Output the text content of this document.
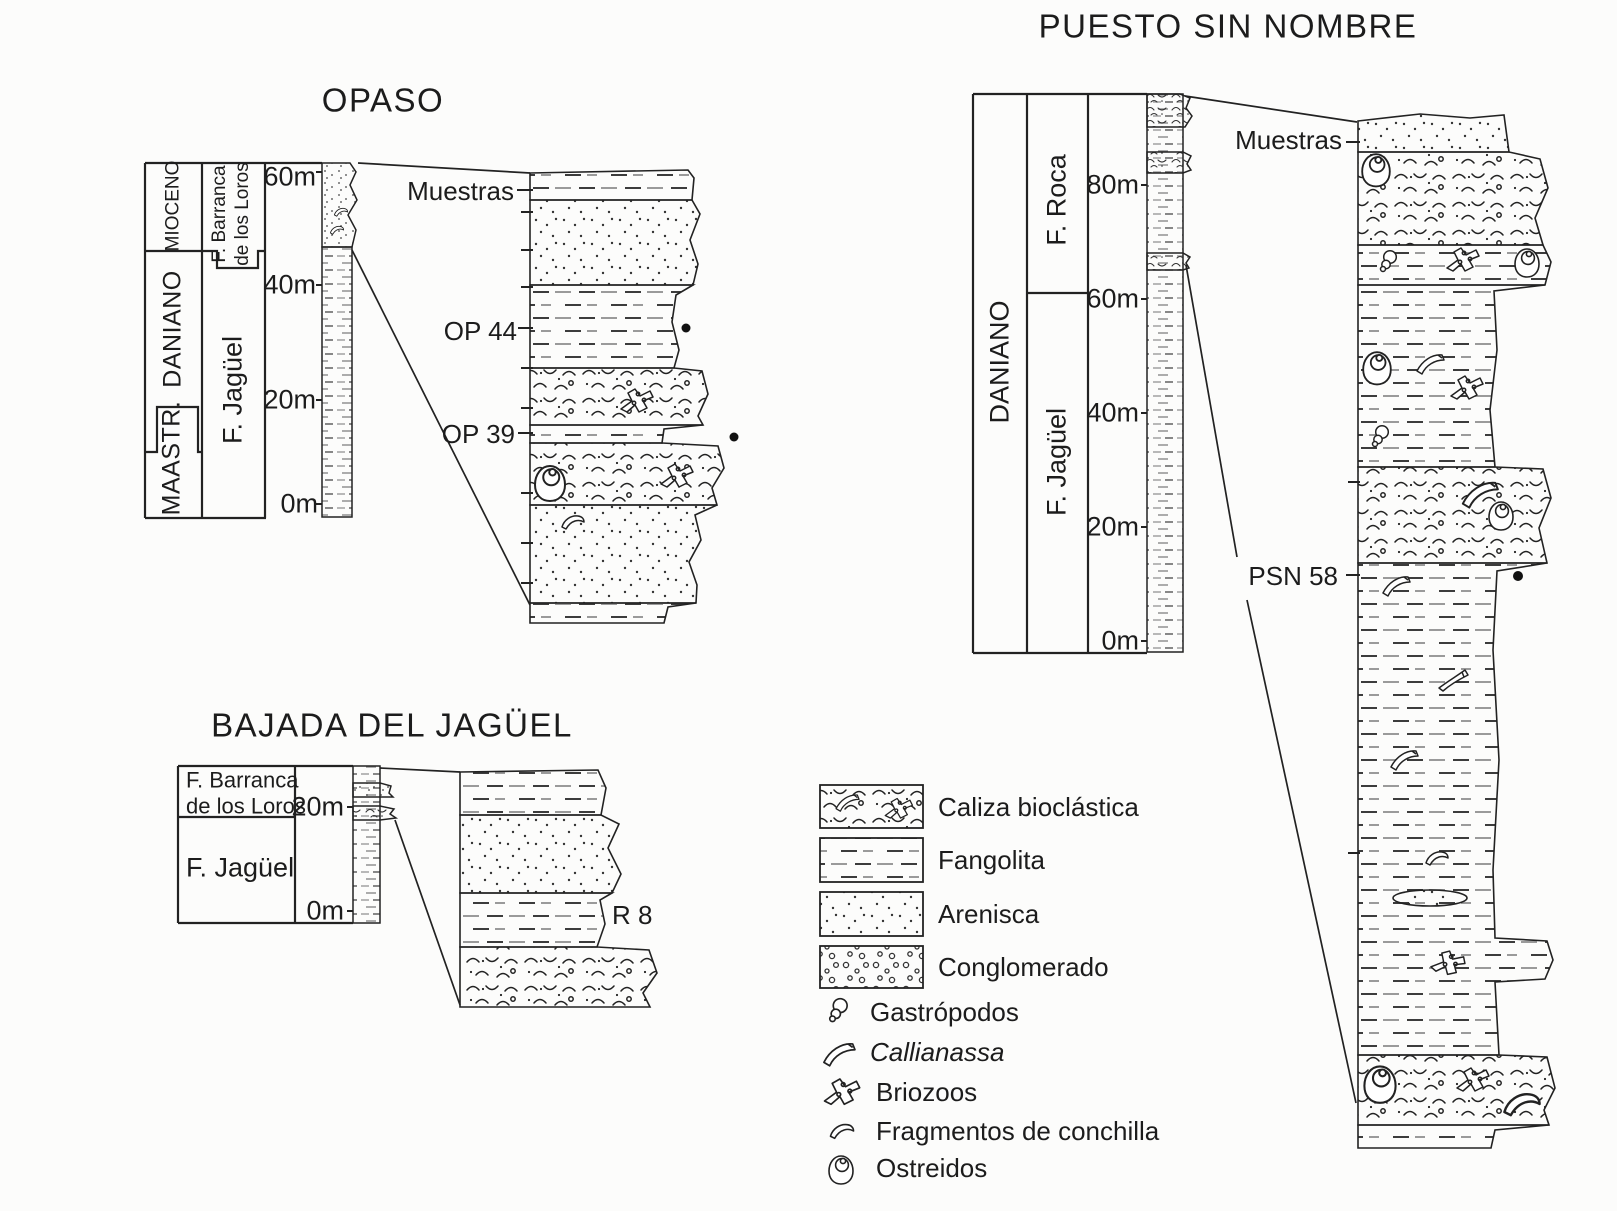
OPASO
BAJADA DEL JAGÜEL
PUESTO SIN NOMBRE
MIOCENO
DANIANO
MAASTR.
F. Barranca de los Loros
F. Jagüel
60m
40m
20m
0m
Muestras
OP 44
OP 39
F. Barranca
de los Loros
F. Jagüel
20m
0m	R 8
DANIANO
F. Roca
F. Jagüel
80m
60m
40m
20m
0m
Muestras
PSN 58
Caliza bioclástica
Fangolita
Arenisca
Conglomerado
Gastrópodos
Callianassa
Briozoos
Fragmentos de conchilla
Ostreidos
